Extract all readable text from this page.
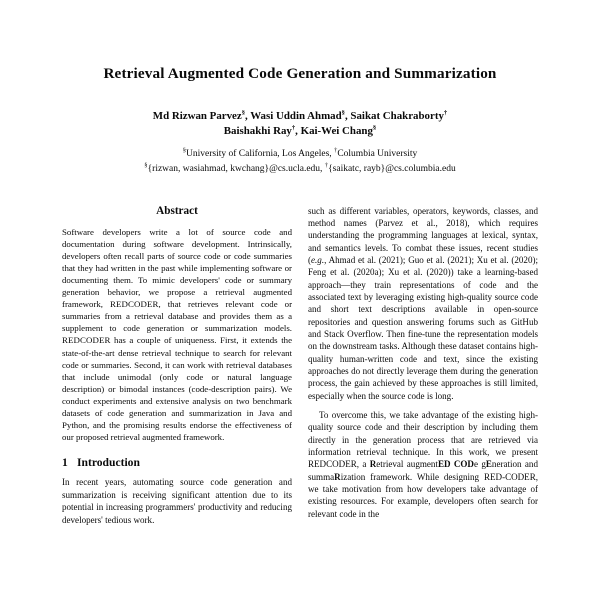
Retrieval Augmented Code Generation and Summarization
Md Rizwan Parvez§, Wasi Uddin Ahmad§, Saikat Chakraborty†
Baishakhi Ray†, Kai-Wei Chang§
§University of California, Los Angeles, †Columbia University
§{rizwan, wasiahmad, kwchang}@cs.ucla.edu, †{saikatc, rayb}@cs.columbia.edu
Abstract

Software developers write a lot of source code and documentation during software development. Intrinsically, developers often recall parts of source code or code summaries that they had written in the past while implementing software or documenting them. To mimic developers' code or summary generation behavior, we propose a retrieval augmented framework, REDCODER, that retrieves relevant code or summaries from a retrieval database and provides them as a supplement to code generation or summarization models. REDCODER has a couple of uniqueness. First, it extends the state-of-the-art dense retrieval technique to search for relevant code or summaries. Second, it can work with retrieval databases that include unimodal (only code or natural language description) or bimodal instances (code-description pairs). We conduct experiments and extensive analysis on two benchmark datasets of code generation and summarization in Java and Python, and the promising results endorse the effectiveness of our proposed retrieval augmented framework.

1 Introduction

In recent years, automating source code generation and summarization is receiving significant attention due to its potential in increasing programmers' productivity and reducing developers' tedious work.

such as different variables, operators, keywords, classes, and method names (Parvez et al., 2018), which requires understanding the programming languages at lexical, syntax, and semantics levels. To combat these issues, recent studies (e.g., Ahmad et al. (2021); Guo et al. (2021); Xu et al. (2020); Feng et al. (2020a); Xu et al. (2020)) take a learning-based approach—they train representations of code and the associated text by leveraging existing high-quality source code and short text descriptions available in open-source repositories and question answering forums such as GitHub and Stack Overflow. Then fine-tune the representation models on the downstream tasks. Although these dataset contains high-quality human-written code and text, since the existing approaches do not directly leverage them during the generation process, the gain achieved by these approaches is still limited, especially when the source code is long.

To overcome this, we take advantage of the existing high-quality source code and their description by including them directly in the generation process that are retrieved via information retrieval technique. In this work, we present REDCODER, a Retrieval augmentED CODe gEneration and summaRization framework. While designing RED-CODER, we take motivation from how developers take advantage of existing resources. For example, developers often search for relevant code in the
